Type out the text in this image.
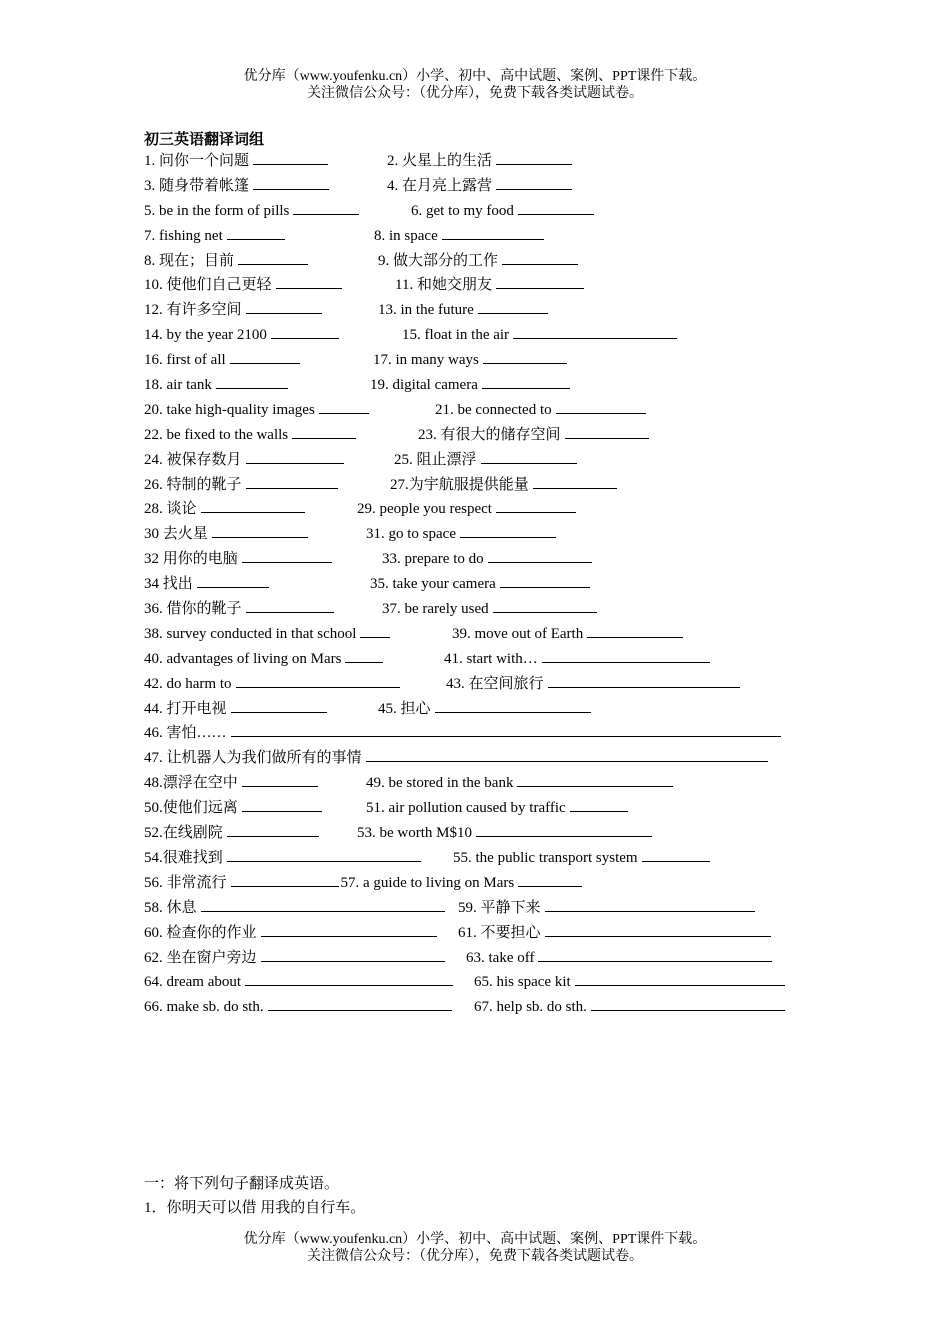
优分库（www.youfenku.cn）小学、初中、高中试题、案例、PPT课件下载。
关注微信公众号：（优分库），免费下载各类试题试卷。
初三英语翻译词组
1. 问你一个问题	2. 火星上的生活
3. 随身带着帐篷	4. 在月亮上露营
5. be in the form of pills	6. get to my food
7. fishing net	8. in space
8. 现在；目前	9. 做大部分的工作
10. 使他们自己更轻	11. 和她交朋友
12. 有许多空间	13. in the future
14. by the year 2100	15. float in the air
16. first of all	17. in many ways
18. air tank	19. digital camera
20. take high-quality images	21. be connected to
22. be fixed to the walls	23. 有很大的储存空间
24. 被保存数月	25. 阻止漂浮
26. 特制的靴子	27.为宇航服提供能量
28. 谈论	29. people you respect
30 去火星	31. go to space
32 用你的电脑	33. prepare to do
34 找出	35. take your camera
36. 借你的靴子	37. be rarely used
38. survey conducted in that school	39. move out of Earth
40. advantages of living on Mars	41. start with…
42. do harm to	43. 在空间旅行
44. 打开电视	45. 担心
46. 害怕……
47. 让机器人为我们做所有的事情
48.漂浮在空中	49. be stored in the bank
50.使他们远离	51. air pollution caused by traffic
52.在线剧院	53. be worth M$10
54.很难找到	55. the public transport system
56. 非常流行	57. a guide to living on Mars
58. 休息	59. 平静下来
60. 检查你的作业	61. 不要担心
62. 坐在窗户旁边	63. take off
64. dream about	65. his space kit
66. make sb. do sth.	67. help sb. do sth.
一：将下列句子翻译成英语。
1．你明天可以借 用我的自行车。
优分库（www.youfenku.cn）小学、初中、高中试题、案例、PPT课件下载。
关注微信公众号：（优分库），免费下载各类试题试卷。
